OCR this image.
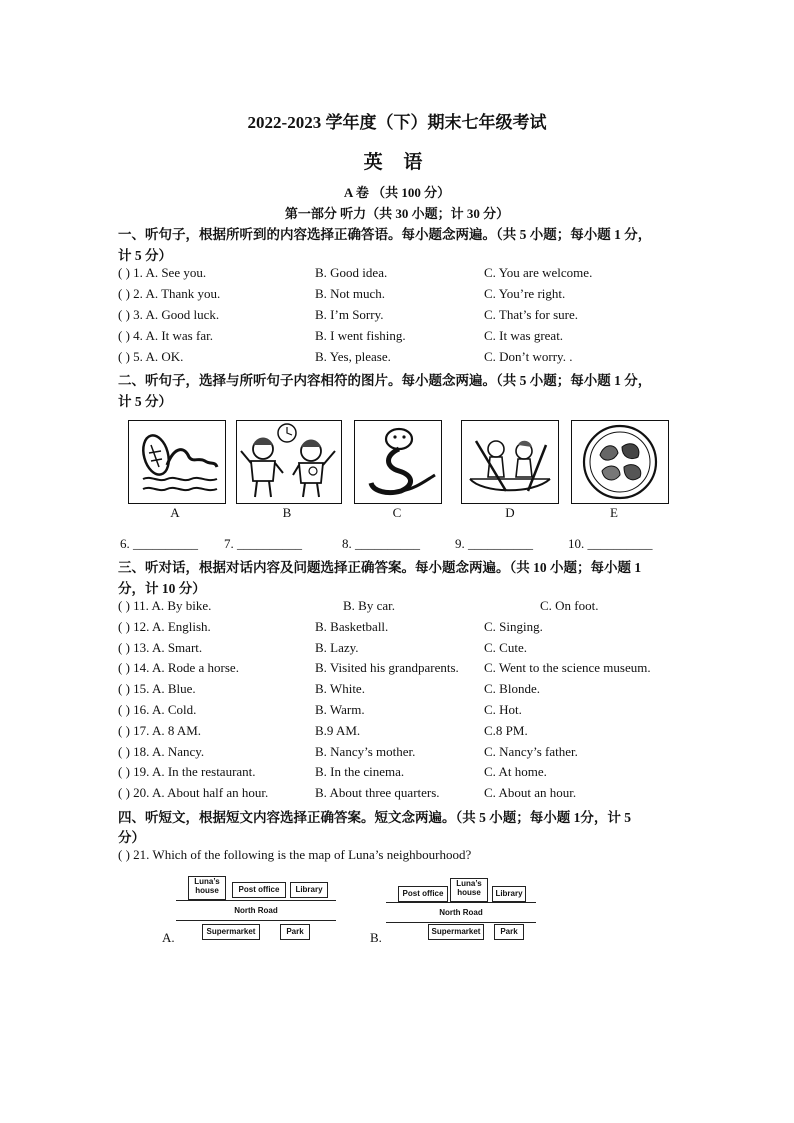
2022-2023 学年度（下）期末七年级考试
英 语
A 卷 （共 100 分）
第一部分 听力（共 30 小题；计 30 分）
一、听句子，根据所听到的内容选择正确答语。每小题念两遍。（共 5 小题；每小题 1 分，
计 5 分）
( ) 1. A. See you.	B. Good idea.	C. You are welcome.
( ) 2. A. Thank you.	B. Not much.	C. You’re right.
( ) 3. A. Good luck.	B. I’m Sorry.	C. That’s for sure.
( ) 4. A. It was far.	B. I went fishing.	C. It was great.
( ) 5. A. OK.	B. Yes, please.	C. Don’t worry. .
二、听句子，选择与所听句子内容相符的图片。每小题念两遍。（共 5 小题；每小题 1 分，
计 5 分）
A	B	C	D	E
6. __________ 7. __________	8. __________	9. __________	10. __________
三、听对话，根据对话内容及问题选择正确答案。每小题念两遍。（共 10 小题；每小题 1
分，计 10 分）
( ) 11. A. By bike.	B. By car.	C. On foot.
( ) 12. A. English.	B. Basketball.	C. Singing.
( ) 13. A. Smart.	B. Lazy.	C. Cute.
( ) 14. A. Rode a horse.	B. Visited his grandparents. C. Went to the science museum.
( ) 15. A. Blue.	B. White.	C. Blonde.
( ) 16. A. Cold.	B. Warm.	C. Hot.
( ) 17. A. 8 AM.	B.9 AM.	C.8 PM.
( ) 18. A. Nancy.	B. Nancy’s mother.	C. Nancy’s father.
( ) 19. A. In the restaurant.	B. In the cinema.	C. At home.
( ) 20. A. About half an hour.	B. About three quarters.	C. About an hour.
四、听短文，根据短文内容选择正确答案。短文念两遍。（共 5 小题；每小题 1分，计 5
分）
( ) 21. Which of the following is the map of Luna’s neighbourhood?
Luna’s house	Post office	Library
North Road
Supermarket	Park
A.
Post office
Luna’s house	Library
North Road
Supermarket	Park
B.
